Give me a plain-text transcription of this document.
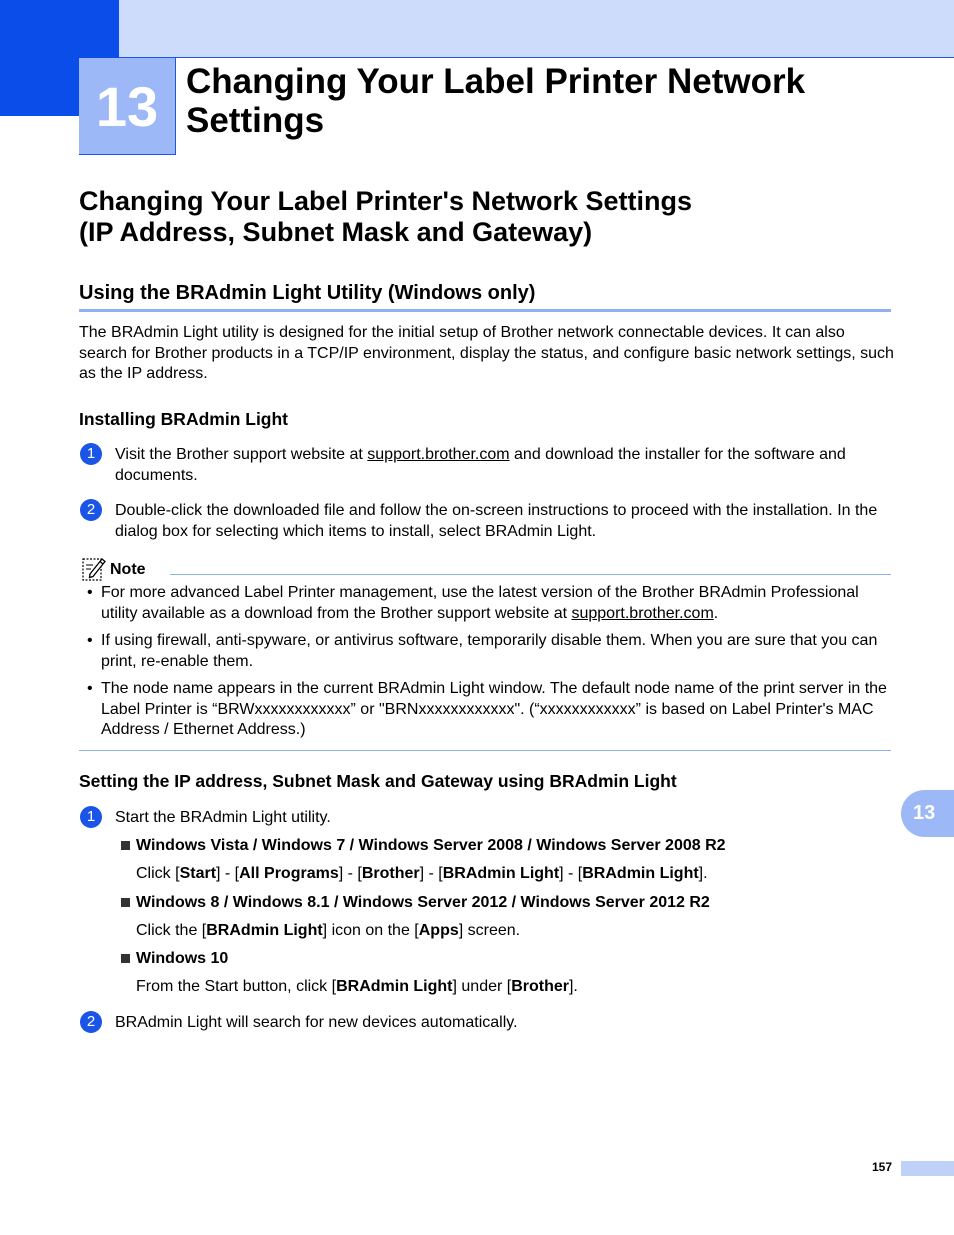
13 Changing Your Label Printer Network Settings
Changing Your Label Printer's Network Settings
(IP Address, Subnet Mask and Gateway)
Using the BRAdmin Light Utility (Windows only)
The BRAdmin Light utility is designed for the initial setup of Brother network connectable devices. It can also search for Brother products in a TCP/IP environment, display the status, and configure basic network settings, such as the IP address.
Installing BRAdmin Light
1	Visit the Brother support website at support.brother.com and download the installer for the software and documents.
2	Double-click the downloaded file and follow the on-screen instructions to proceed with the installation. In the dialog box for selecting which items to install, select BRAdmin Light.
Note
• For more advanced Label Printer management, use the latest version of the Brother BRAdmin Professional utility available as a download from the Brother support website at support.brother.com.
• If using firewall, anti-spyware, or antivirus software, temporarily disable them. When you are sure that you can print, re-enable them.
• The node name appears in the current BRAdmin Light window. The default node name of the print server in the Label Printer is “BRWxxxxxxxxxxxx” or "BRNxxxxxxxxxxxx". (“xxxxxxxxxxxx” is based on Label Printer's MAC Address / Ethernet Address.)
Setting the IP address, Subnet Mask and Gateway using BRAdmin Light
1	Start the BRAdmin Light utility.
Windows Vista / Windows 7 / Windows Server 2008 / Windows Server 2008 R2
Click [Start] - [All Programs] - [Brother] - [BRAdmin Light] - [BRAdmin Light].
Windows 8 / Windows 8.1 / Windows Server 2012 / Windows Server 2012 R2
Click the [BRAdmin Light] icon on the [Apps] screen.
Windows 10
From the Start button, click [BRAdmin Light] under [Brother].
2	BRAdmin Light will search for new devices automatically.
13
157
